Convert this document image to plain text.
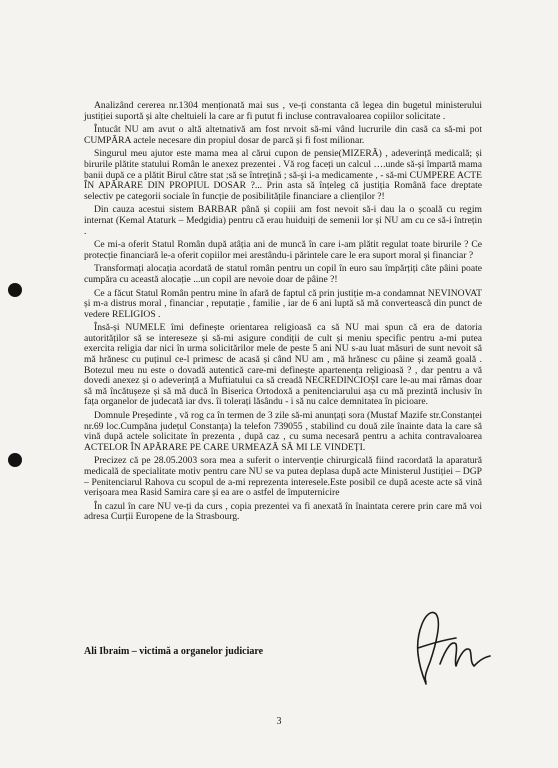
Analizând cererea nr.1304 menționată mai sus , ve-ți constanta că legea din bugetul ministerului justiției suportă și alte cheltuieli la care ar fi putut fi incluse contravaloarea copiilor solicitate .

Întucât NU am avut o altă altetnativă am fost nrvoit să-mi vând lucrurile din casă ca să-mi pot CUMPĂRA actele necesare din propiul dosar de parcă și fi fost milionar.

Singurul meu ajutor este mama mea al cărui cupon de pensie(MIZERĂ) , adeverință medicală; și birurile plătite statului Român le anexez prezentei . Vă rog faceți un calcul ….unde să-și împartă mama banii după ce a plătit Birul către stat ;să se întreţină ; să-şi i-a medicamente , - să-mi CUMPERE ACTE ÎN APĂRARE DIN PROPIUL DOSAR ?... Prin asta să înțeleg că justiția Română face dreptate selectiv pe categorii sociale în funcție de posibilitățile financiare a clienților ?!

Din cauza acestui sistem BARBAR până și copiii am fost nevoit să-i dau la o școală cu regim internat (Kemal Ataturk – Medgidia) pentru că erau huiduiți de semenii lor și NU am cu ce să-i întrețin .

Ce mi-a oferit Statul Român după atâția ani de muncă în care i-am plătit regulat toate birurile ? Ce protecție financiară le-a oferit copiilor mei arestându-i părintele care le era suport moral și financiar ?

Transformați alocația acordată de statul român pentru un copil în euro sau împărțiți câte pâini poate cumpăra cu această alocație ...un copil are nevoie doar de pâine ?!

Ce a făcut Statul Român pentru mine în afară de faptul că prin justiție m-a condamnat NEVINOVAT și m-a distrus moral , financiar , reputație , familie , iar de 6 ani luptă să mă converteascã din punct de vedere RELIGIOS .

Însă-și NUMELE îmi definește orientarea religioasă ca să NU mai spun că era de datoria autorităților să se intereseze și să-mi asigure condiții de cult și meniu specific pentru a-mi putea exercita religia dar nici în urma solicitărilor mele de peste 5 ani NU s-au luat măsuri de sunt nevoit să mă hrănesc cu puținul ce-l primesc de acasă și când NU am , mă hrănesc cu pâine și zeamă goală . Botezul meu nu este o dovadă autentică care-mi definește apartenența religioasă ? , dar pentru a vă dovedi anexez și o adeverință a Muftiatului ca să creadă NECREDINCIOȘI care le-au mai rămas doar să mă încătușeze și să mă ducă în Biserica Ortodoxă a penitenciarului așa cu mă prezintă inclusiv în fața organelor de judecată iar dvs. îi tolerați lăsându - i să nu calce demnitatea în picioare.

Domnule Președinte , vă rog ca în termen de 3 zile să-mi anunțați sora (Mustaf Mazife str.Constanței nr.69 loc.Cumpăna județul Constanța) la telefon 739055 , stabilind cu două zile înainte data la care să vină după actele solicitate în prezenta , după caz , cu suma necesară pentru a achita contravaloarea ACTELOR ÎN APĂRARE PE CARE URMEAZĂ SĂ MI LE VINDEȚI.

Precizez că pe 28.05.2003 sora mea a suferit o intervenție chirurgicală fiind racordată la aparatură medicală de specialitate motiv pentru care NU se va putea deplasa după acte Ministerul Justiției – DGP – Penitenciarul Rahova cu scopul de a-mi reprezenta interesele.Este posibil ce după aceste acte să vină verișoara mea Rasid Samira care și ea are o astfel de împuternicire

În cazul în care NU ve-ți da curs , copia prezentei va fi anexată în înaintata cerere prin care mă voi adresa Curții Europene de la Strasbourg.

Ali Ibraim – victimă a organelor judiciare
3
